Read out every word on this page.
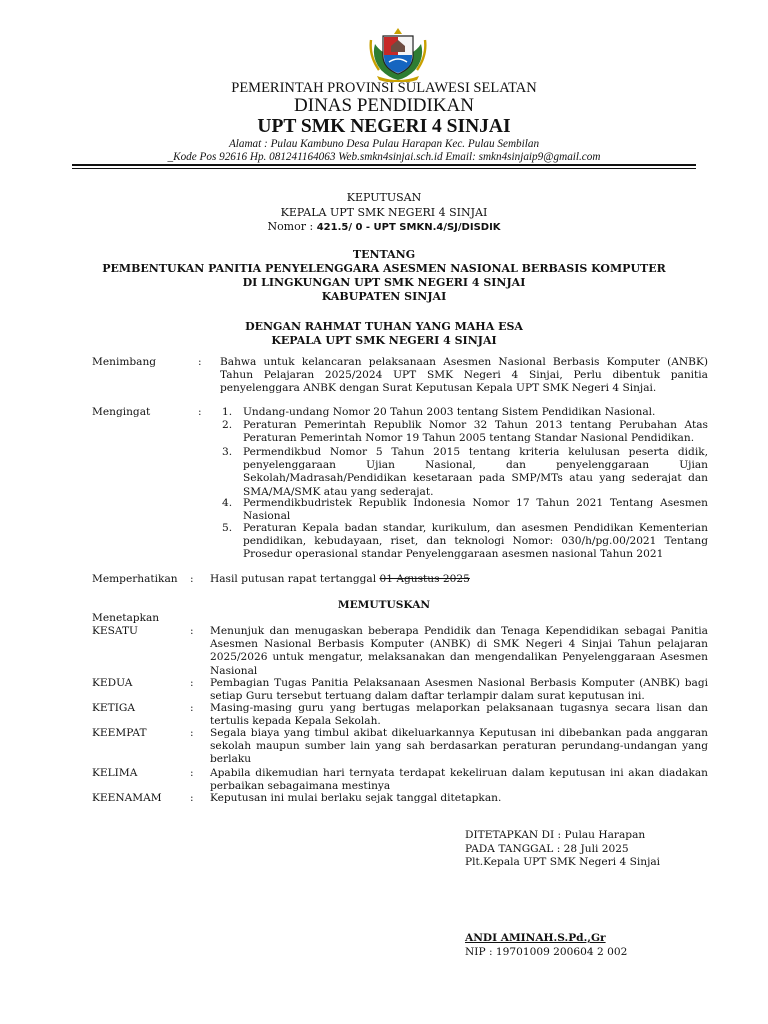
PEMERINTAH PROVINSI SULAWESI SELATAN
DINAS PENDIDIKAN
UPT SMK NEGERI 4 SINJAI
Alamat : Pulau Kambuno Desa Pulau Harapan Kec. Pulau Sembilan
_Kode Pos 92616 Hp. 081241164063 Web.smkn4sinjai.sch.id Email: smkn4sinjaip9@gmail.com
KEPUTUSAN
KEPALA UPT SMK NEGERI 4 SINJAI
Nomor : 421.5/ 0 - UPT SMKN.4/SJ/DISDIK
TENTANG
PEMBENTUKAN PANITIA PENYELENGGARA ASESMEN NASIONAL BERBASIS KOMPUTER
DI LINGKUNGAN UPT SMK NEGERI 4 SINJAI
KABUPATEN SINJAI
DENGAN RAHMAT TUHAN YANG MAHA ESA
KEPALA UPT SMK NEGERI 4 SINJAI
Menimbang	: Bahwa untuk kelancaran pelaksanaan Asesmen Nasional Berbasis Komputer (ANBK) Tahun Pelajaran 2025/2024 UPT SMK Negeri 4 Sinjai, Perlu dibentuk panitia penyelenggara ANBK dengan Surat Keputusan Kepala UPT SMK Negeri 4 Sinjai.
Mengingat	: 1. Undang-undang Nomor 20 Tahun 2003 tentang Sistem Pendidikan Nasional.
2. Peraturan Pemerintah Republik Nomor 32 Tahun 2013 tentang Perubahan Atas Peraturan Pemerintah Nomor 19 Tahun 2005 tentang Standar Nasional Pendidikan.
3. Permendikbud Nomor 5 Tahun 2015 tentang kriteria kelulusan peserta didik, penyelenggaraan Ujian Nasional, dan penyelenggaraan Ujian Sekolah/Madrasah/Pendidikan kesetaraan pada SMP/MTs atau yang sederajat dan SMA/MA/SMK atau yang sederajat.
4. Permendikbudristek Republik Indonesia Nomor 17 Tahun 2021 Tentang Asesmen Nasional
5. Peraturan Kepala badan standar, kurikulum, dan asesmen Pendidikan Kementerian pendidikan, kebudayaan, riset, dan teknologi Nomor: 030/h/pg.00/2021 Tentang Prosedur operasional standar Penyelenggaraan asesmen nasional Tahun 2021
Memperhatikan : Hasil putusan rapat tertanggal 01 Agustus 2025
MEMUTUSKAN
Menetapkan
KESATU	: Menunjuk dan menugaskan beberapa Pendidik dan Tenaga Kependidikan sebagai Panitia Asesmen Nasional Berbasis Komputer (ANBK) di SMK Negeri 4 Sinjai Tahun pelajaran 2025/2026 untuk mengatur, melaksanakan dan mengendalikan Penyelenggaraan Asesmen Nasional
KEDUA	: Pembagian Tugas Panitia Pelaksanaan Asesmen Nasional Berbasis Komputer (ANBK) bagi setiap Guru tersebut tertuang dalam daftar terlampir dalam surat keputusan ini.
KETIGA	: Masing-masing guru yang bertugas melaporkan pelaksanaan tugasnya secara lisan dan tertulis kepada Kepala Sekolah.
KEEMPAT	: Segala biaya yang timbul akibat dikeluarkannya Keputusan ini dibebankan pada anggaran sekolah maupun sumber lain yang sah berdasarkan peraturan perundang-undangan yang berlaku
KELIMA	: Apabila dikemudian hari ternyata terdapat kekeliruan dalam keputusan ini akan diadakan perbaikan sebagaimana mestinya
KEENAMAM	: Keputusan ini mulai berlaku sejak tanggal ditetapkan.
DITETAPKAN DI : Pulau Harapan
PADA TANGGAL : 28 Juli 2025
Plt.Kepala UPT SMK Negeri 4 Sinjai
ANDI AMINAH.S.Pd.,Gr
NIP : 19701009 200604 2 002
